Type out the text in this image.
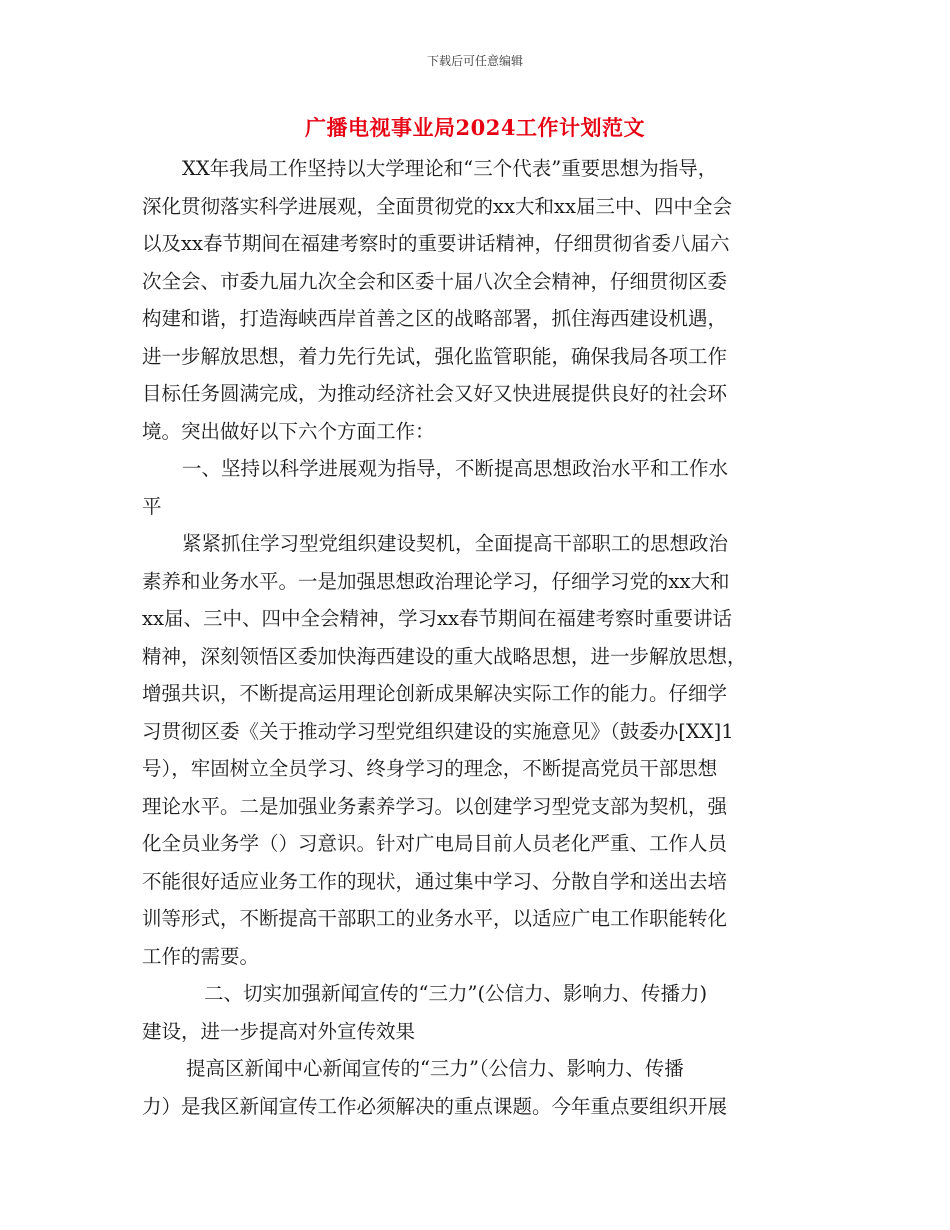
下载后可任意编辑
广播电视事业局2024工作计划范文
XX年我局工作坚持以大学理论和“三个代表”重要思想为指导，
深化贯彻落实科学进展观，全面贯彻党的xx大和xx届三中、四中全会
以及xx春节期间在福建考察时的重要讲话精神，仔细贯彻省委八届六
次全会、市委九届九次全会和区委十届八次全会精神，仔细贯彻区委
构建和谐，打造海峡西岸首善之区的战略部署，抓住海西建设机遇，
进一步解放思想，着力先行先试，强化监管职能，确保我局各项工作
目标任务圆满完成，为推动经济社会又好又快进展提供良好的社会环
境。突出做好以下六个方面工作：
一、坚持以科学进展观为指导，不断提高思想政治水平和工作水
平
紧紧抓住学习型党组织建设契机，全面提高干部职工的思想政治
素养和业务水平。一是加强思想政治理论学习，仔细学习党的xx大和
xx届、三中、四中全会精神，学习xx春节期间在福建考察时重要讲话
精神，深刻领悟区委加快海西建设的重大战略思想，进一步解放思想，
增强共识，不断提高运用理论创新成果解决实际工作的能力。仔细学
习贯彻区委《关于推动学习型党组织建设的实施意见》（鼓委办[XX]1
号），牢固树立全员学习、终身学习的理念，不断提高党员干部思想
理论水平。二是加强业务素养学习。以创建学习型党支部为契机，强
化全员业务学（）习意识。针对广电局目前人员老化严重、工作人员
不能很好适应业务工作的现状，通过集中学习、分散自学和送出去培
训等形式，不断提高干部职工的业务水平，以适应广电工作职能转化
工作的需要。
二、切实加强新闻宣传的“三力”(公信力、影响力、传播力)
建设，进一步提高对外宣传效果
提高区新闻中心新闻宣传的“三力”（公信力、影响力、传播
力）是我区新闻宣传工作必须解决的重点课题。今年重点要组织开展
